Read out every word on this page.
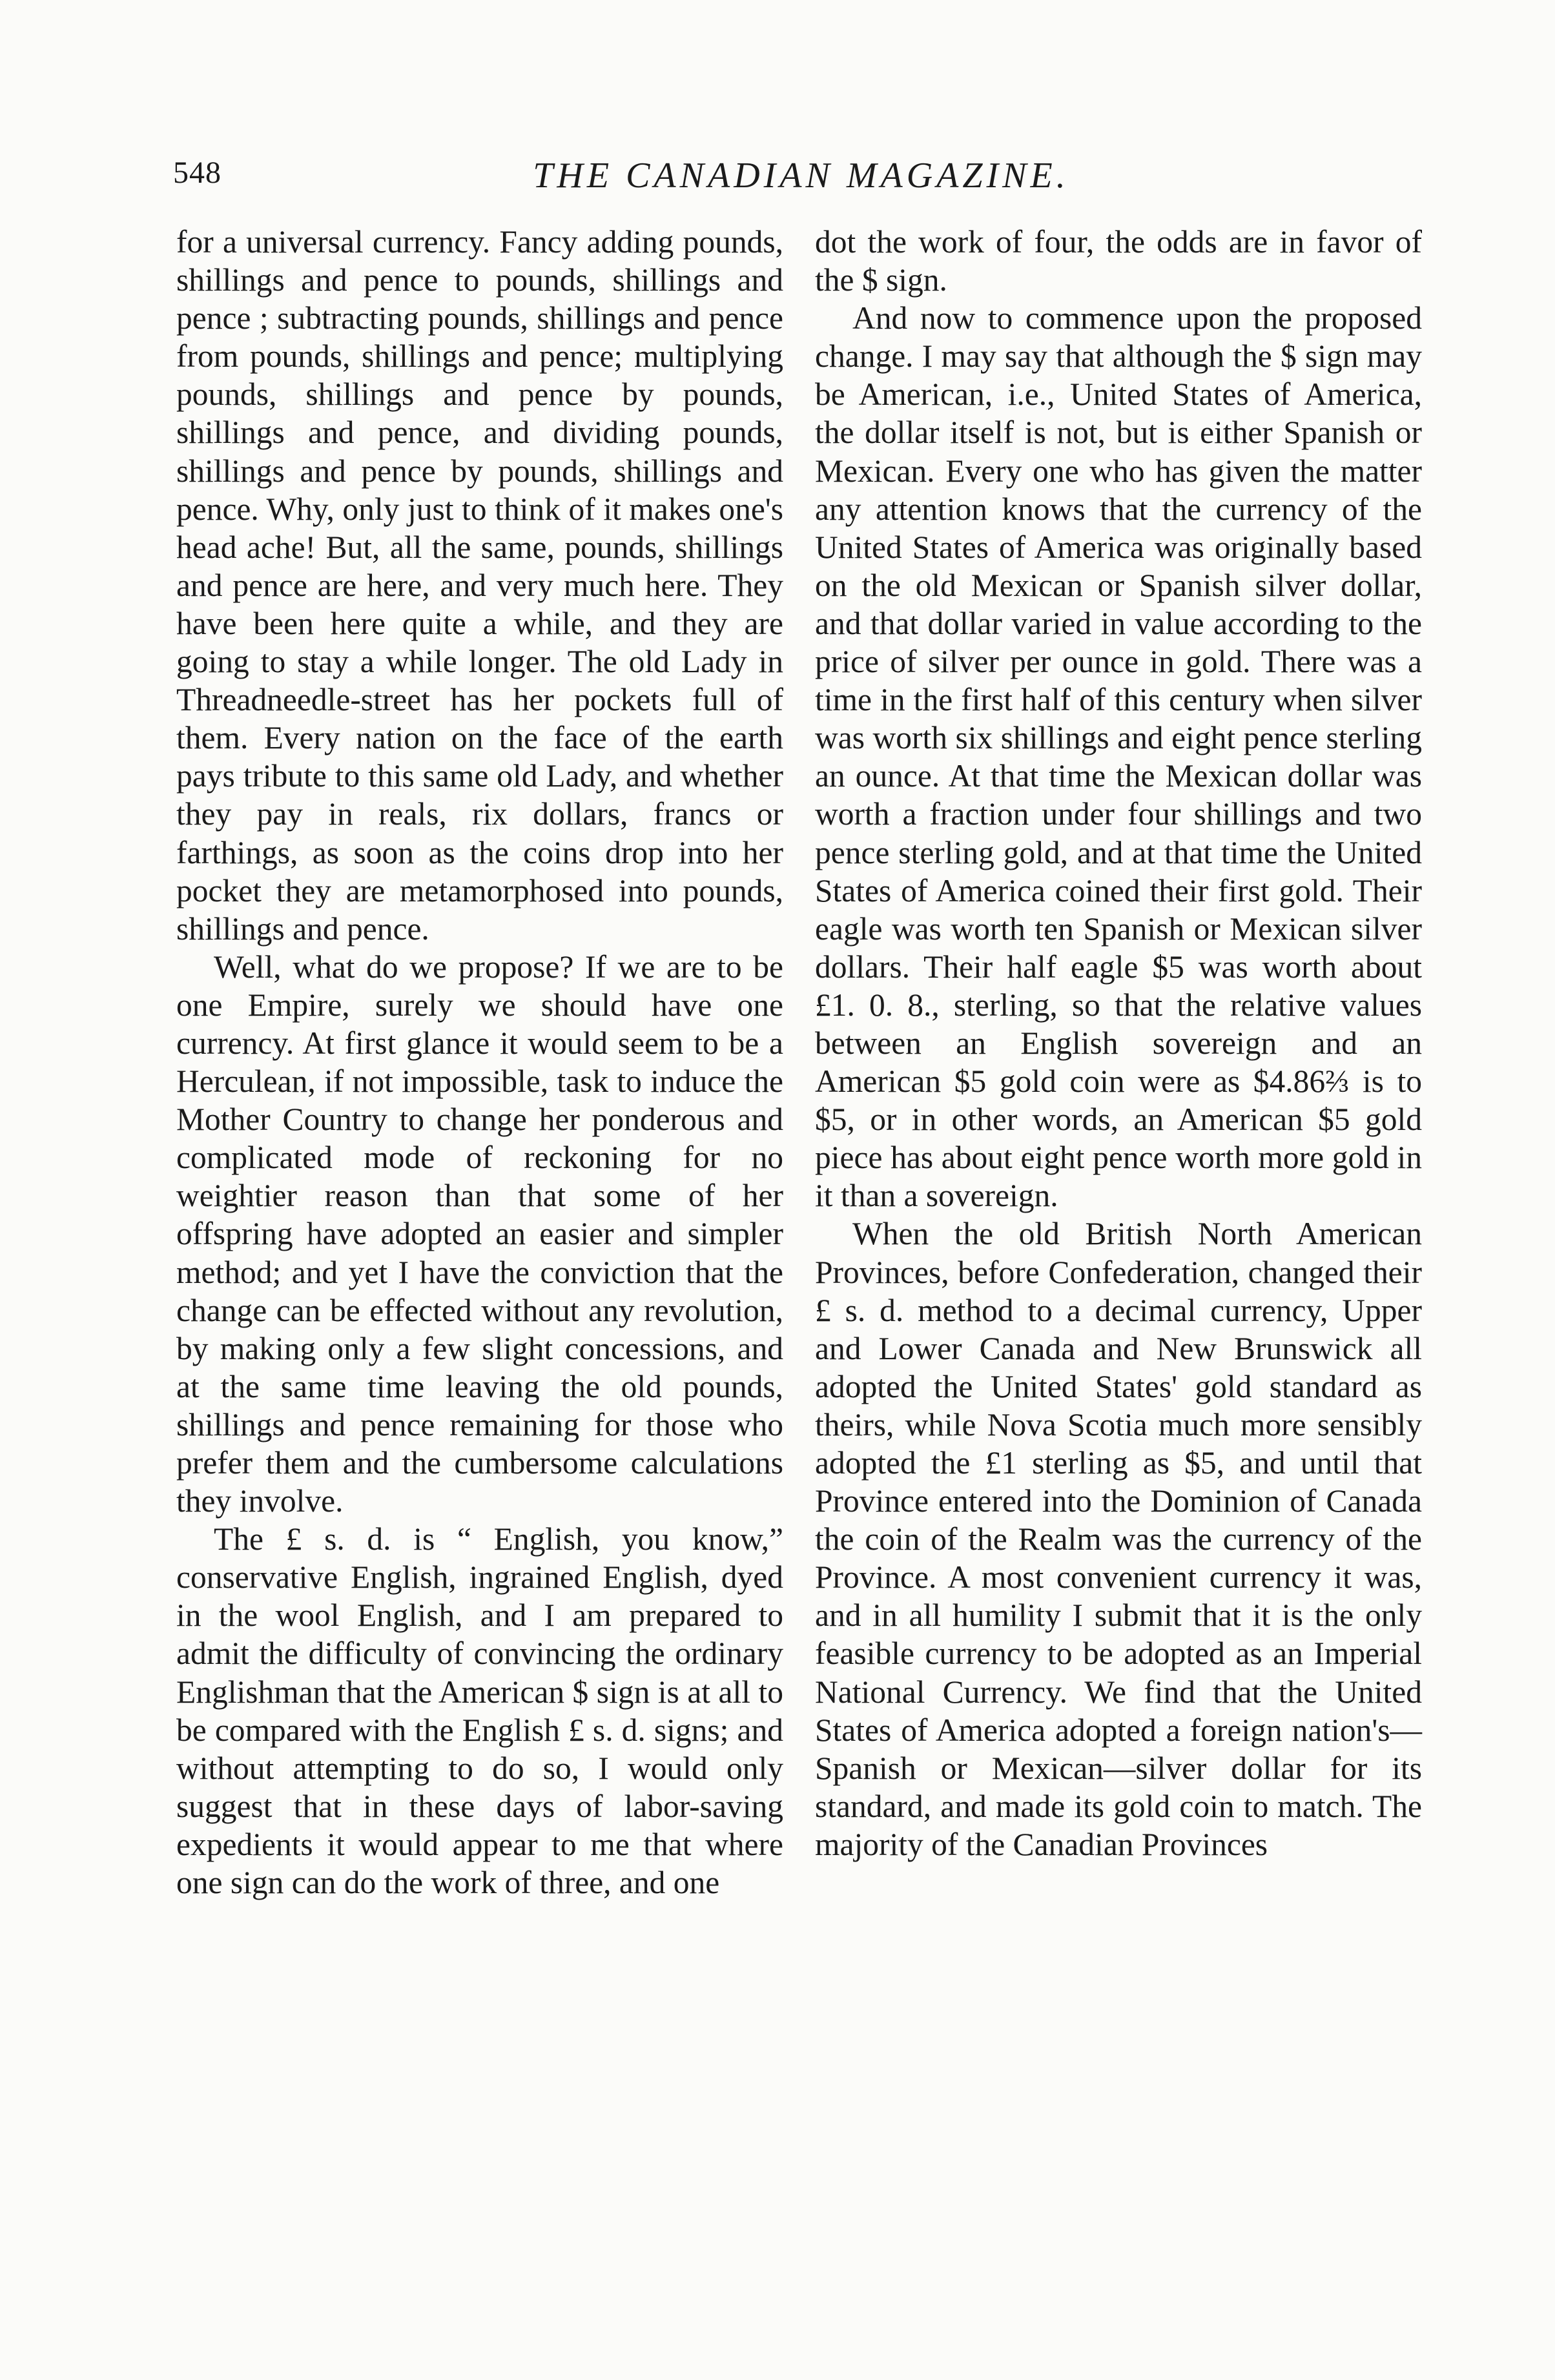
548	THE CANADIAN MAGAZINE.

for a universal currency. Fancy adding pounds, shillings and pence to pounds, shillings and pence ; subtracting pounds, shillings and pence from pounds, shillings and pence; multiplying pounds, shillings and pence by pounds, shillings and pence, and dividing pounds, shillings and pence by pounds, shillings and pence. Why, only just to think of it makes one's head ache! But, all the same, pounds, shillings and pence are here, and very much here. They have been here quite a while, and they are going to stay a while longer. The old Lady in Threadneedle-street has her pockets full of them. Every nation on the face of the earth pays tribute to this same old Lady, and whether they pay in reals, rix dollars, francs or farthings, as soon as the coins drop into her pocket they are metamorphosed into pounds, shillings and pence.

Well, what do we propose? If we are to be one Empire, surely we should have one currency. At first glance it would seem to be a Herculean, if not impossible, task to induce the Mother Country to change her ponderous and complicated mode of reckoning for no weightier reason than that some of her offspring have adopted an easier and simpler method; and yet I have the conviction that the change can be effected without any revolution, by making only a few slight concessions, and at the same time leaving the old pounds, shillings and pence remaining for those who prefer them and the cumbersome calculations they involve.

The £ s. d. is “ English, you know,” conservative English, ingrained English, dyed in the wool English, and I am prepared to admit the difficulty of convincing the ordinary Englishman that the American $ sign is at all to be compared with the English £ s. d. signs; and without attempting to do so, I would only suggest that in these days of labor-saving expedients it would appear to me that where one sign can do the work of three, and one

dot the work of four, the odds are in favor of the $ sign.

And now to commence upon the proposed change. I may say that although the $ sign may be American, i.e., United States of America, the dollar itself is not, but is either Spanish or Mexican. Every one who has given the matter any attention knows that the currency of the United States of America was originally based on the old Mexican or Spanish silver dollar, and that dollar varied in value according to the price of silver per ounce in gold. There was a time in the first half of this century when silver was worth six shillings and eight pence sterling an ounce. At that time the Mexican dollar was worth a fraction under four shillings and two pence sterling gold, and at that time the United States of America coined their first gold. Their eagle was worth ten Spanish or Mexican silver dollars. Their half eagle $5 was worth about £1. 0. 8., sterling, so that the relative values between an English sovereign and an American $5 gold coin were as $4.86⅔ is to $5, or in other words, an American $5 gold piece has about eight pence worth more gold in it than a sovereign.

When the old British North American Provinces, before Confederation, changed their £ s. d. method to a decimal currency, Upper and Lower Canada and New Brunswick all adopted the United States' gold standard as theirs, while Nova Scotia much more sensibly adopted the £1 sterling as $5, and until that Province entered into the Dominion of Canada the coin of the Realm was the currency of the Province. A most convenient currency it was, and in all humility I submit that it is the only feasible currency to be adopted as an Imperial National Currency. We find that the United States of America adopted a foreign nation's—Spanish or Mexican—silver dollar for its standard, and made its gold coin to match. The majority of the Canadian Provinces
